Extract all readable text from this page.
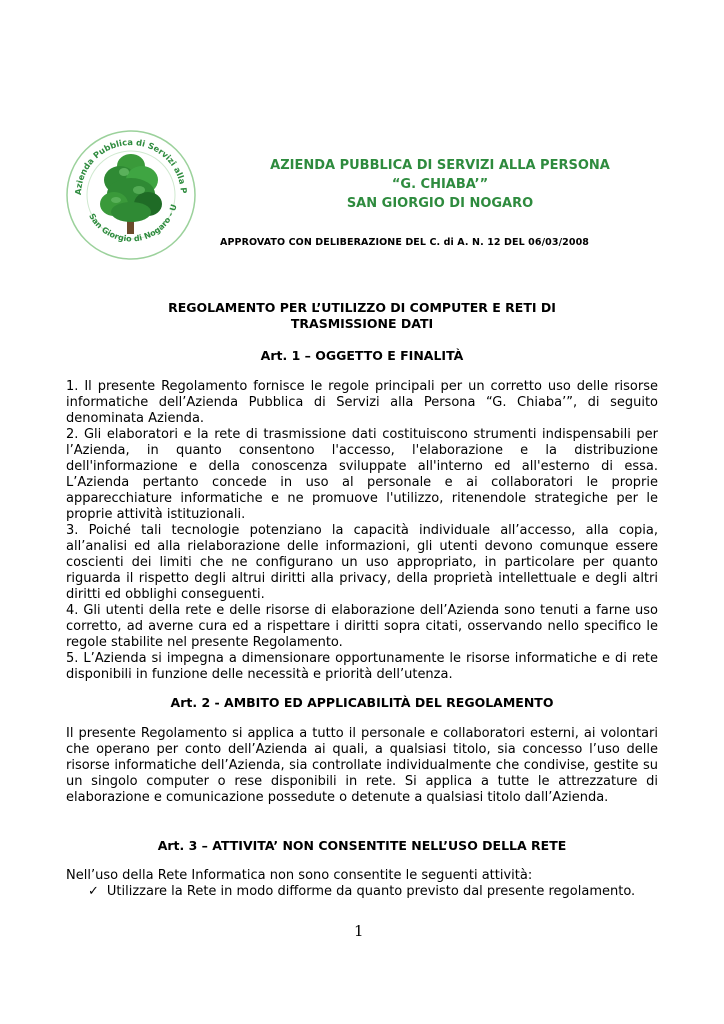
Azienda Pubblica di Servizi alla P
San Giorgio di Nogaro - U
AZIENDA PUBBLICA DI SERVIZI ALLA PERSONA
“G. CHIABA’”
SAN GIORGIO DI NOGARO
APPROVATO CON DELIBERAZIONE DEL C. di A. N. 12 DEL 06/03/2008
REGOLAMENTO PER L’UTILIZZO DI COMPUTER E RETI DI
TRASMISSIONE DATI
Art. 1 – OGGETTO E FINALITÀ

1. Il presente Regolamento fornisce le regole principali per un corretto uso delle risorse informatiche dell’Azienda Pubblica di Servizi alla Persona “G. Chiaba’”, di seguito denominata Azienda.

2. Gli elaboratori e la rete di trasmissione dati costituiscono strumenti indispensabili per l’Azienda, in quanto consentono l'accesso, l'elaborazione e la distribuzione dell'informazione e della conoscenza sviluppate all'interno ed all'esterno di essa. L’Azienda pertanto concede in uso al personale e ai collaboratori le proprie apparecchiature informatiche e ne promuove l'utilizzo, ritenendole strategiche per le proprie attività istituzionali.

3. Poiché tali tecnologie potenziano la capacità individuale all’accesso, alla copia, all’analisi ed alla rielaborazione delle informazioni, gli utenti devono comunque essere coscienti dei limiti che ne configurano un uso appropriato, in particolare per quanto riguarda il rispetto degli altrui diritti alla privacy, della proprietà intellettuale e degli altri diritti ed obblighi conseguenti.

4. Gli utenti della rete e delle risorse di elaborazione dell’Azienda sono tenuti a farne uso corretto, ad averne cura ed a rispettare i diritti sopra citati, osservando nello specifico le regole stabilite nel presente Regolamento.

5. L’Azienda si impegna a dimensionare opportunamente le risorse informatiche e di rete disponibili in funzione delle necessità e priorità dell’utenza.

Art. 2 - AMBITO ED APPLICABILITÀ DEL REGOLAMENTO

Il presente Regolamento si applica a tutto il personale e collaboratori esterni, ai volontari che operano per conto dell’Azienda ai quali, a qualsiasi titolo, sia concesso l’uso delle risorse informatiche dell’Azienda, sia controllate individualmente che condivise, gestite su un singolo computer o rese disponibili in rete. Si applica a tutte le attrezzature di elaborazione e comunicazione possedute o detenute a qualsiasi titolo dall’Azienda.

Art. 3 – ATTIVITA’ NON CONSENTITE NELL’USO DELLA RETE

Nell’uso della Rete Informatica non sono consentite le seguenti attività:

✓ Utilizzare la Rete in modo difforme da quanto previsto dal presente regolamento.
1
